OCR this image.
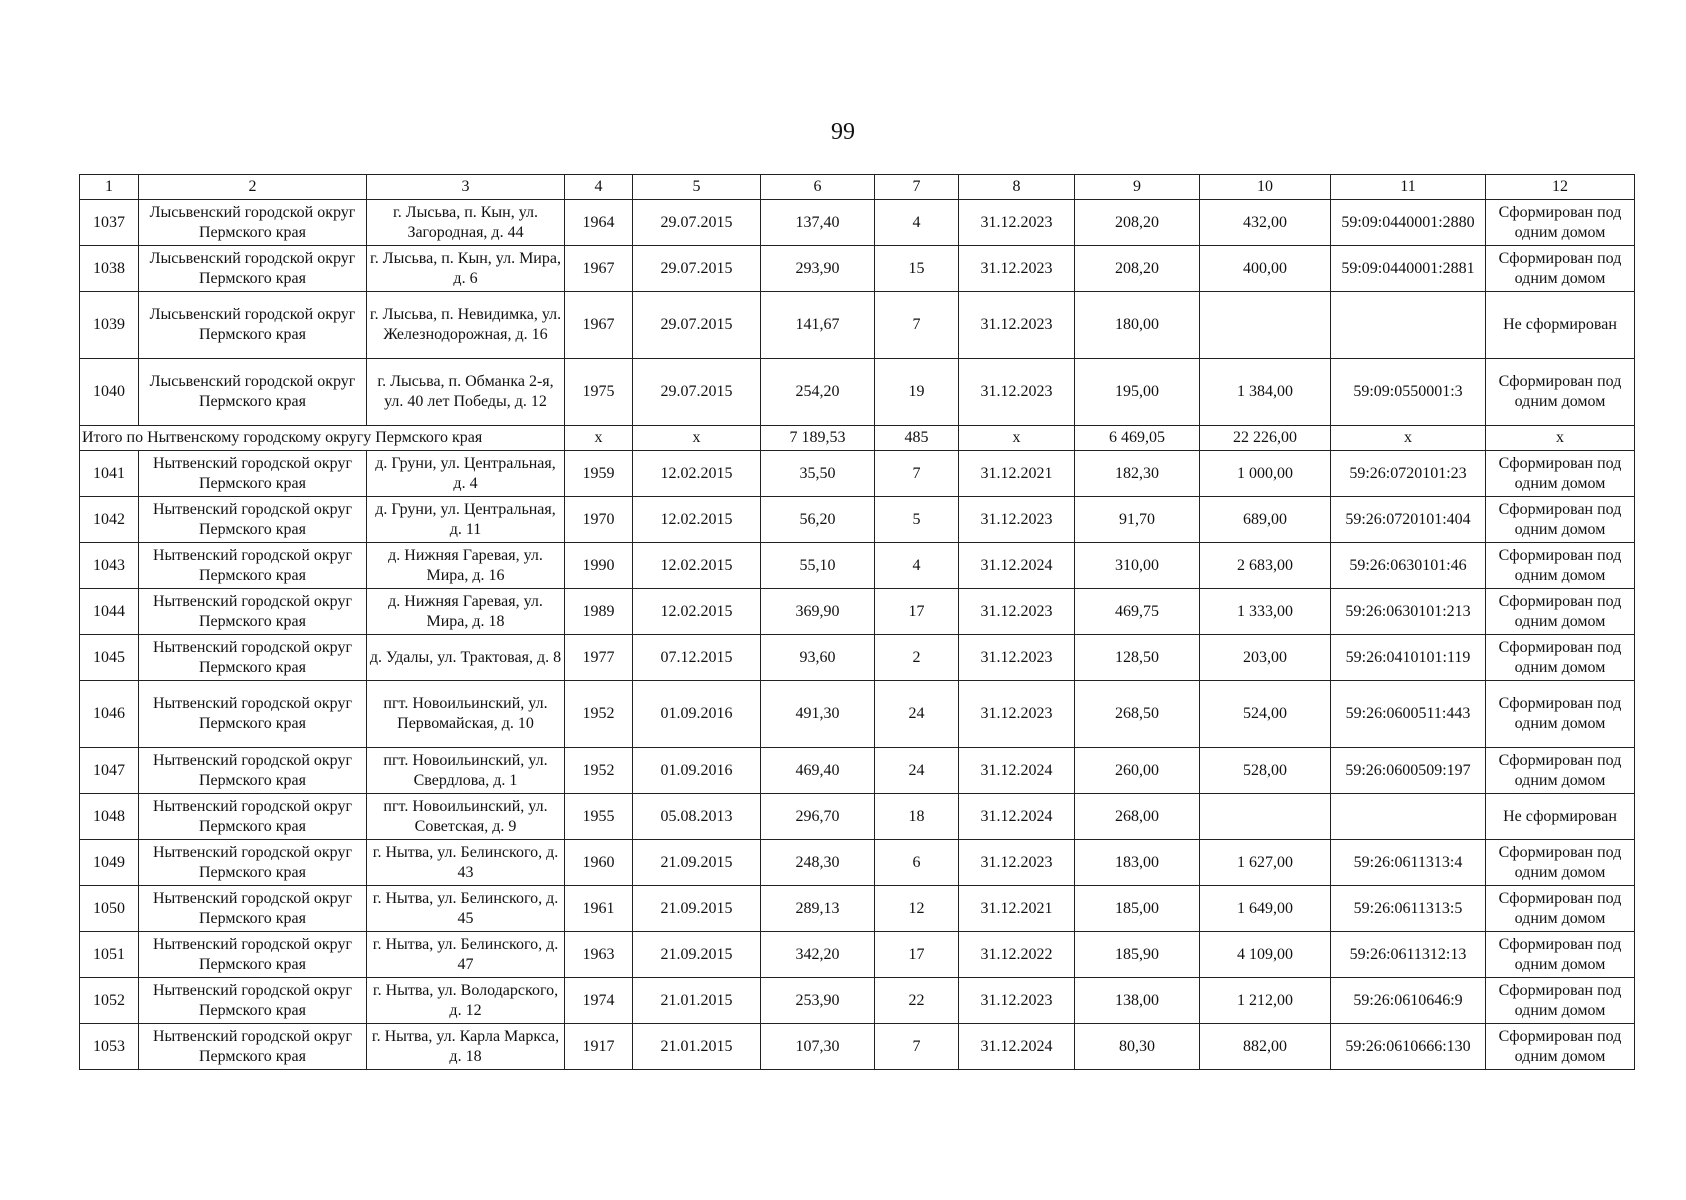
99
1	2	3	4	5	6	7	8	9	10	11	12
1037	Лысьвенский городской округ Пермского края	г. Лысьва, п. Кын, ул. Загородная, д. 44	1964	29.07.2015	137,40	4	31.12.2023	208,20	432,00	59:09:0440001:2880	Сформирован под одним домом
1038	Лысьвенский городской округ Пермского края	г. Лысьва, п. Кын, ул. Мира, д. 6	1967	29.07.2015	293,90	15	31.12.2023	208,20	400,00	59:09:0440001:2881	Сформирован под одним домом
1039	Лысьвенский городской округ Пермского края	г. Лысьва, п. Невидимка, ул. Железнодорожная, д. 16	1967	29.07.2015	141,67	7	31.12.2023	180,00			Не сформирован
1040	Лысьвенский городской округ Пермского края	г. Лысьва, п. Обманка 2-я, ул. 40 лет Победы, д. 12	1975	29.07.2015	254,20	19	31.12.2023	195,00	1 384,00	59:09:0550001:3	Сформирован под одним домом
Итого по Нытвенскому городскому округу Пермского края			x	x	7 189,53	485	x	6 469,05	22 226,00	x	x
1041	Нытвенский городской округ Пермского края	д. Груни, ул. Центральная, д. 4	1959	12.02.2015	35,50	7	31.12.2021	182,30	1 000,00	59:26:0720101:23	Сформирован под одним домом
1042	Нытвенский городской округ Пермского края	д. Груни, ул. Центральная, д. 11	1970	12.02.2015	56,20	5	31.12.2023	91,70	689,00	59:26:0720101:404	Сформирован под одним домом
1043	Нытвенский городской округ Пермского края	д. Нижняя Гаревая, ул. Мира, д. 16	1990	12.02.2015	55,10	4	31.12.2024	310,00	2 683,00	59:26:0630101:46	Сформирован под одним домом
1044	Нытвенский городской округ Пермского края	д. Нижняя Гаревая, ул. Мира, д. 18	1989	12.02.2015	369,90	17	31.12.2023	469,75	1 333,00	59:26:0630101:213	Сформирован под одним домом
1045	Нытвенский городской округ Пермского края	д. Удалы, ул. Трактовая, д. 8	1977	07.12.2015	93,60	2	31.12.2023	128,50	203,00	59:26:0410101:119	Сформирован под одним домом
1046	Нытвенский городской округ Пермского края	пгт. Новоильинский, ул. Первомайская, д. 10	1952	01.09.2016	491,30	24	31.12.2023	268,50	524,00	59:26:0600511:443	Сформирован под одним домом
1047	Нытвенский городской округ Пермского края	пгт. Новоильинский, ул. Свердлова, д. 1	1952	01.09.2016	469,40	24	31.12.2024	260,00	528,00	59:26:0600509:197	Сформирован под одним домом
1048	Нытвенский городской округ Пермского края	пгт. Новоильинский, ул. Советская, д. 9	1955	05.08.2013	296,70	18	31.12.2024	268,00			Не сформирован
1049	Нытвенский городской округ Пермского края	г. Нытва, ул. Белинского, д. 43	1960	21.09.2015	248,30	6	31.12.2023	183,00	1 627,00	59:26:0611313:4	Сформирован под одним домом
1050	Нытвенский городской округ Пермского края	г. Нытва, ул. Белинского, д. 45	1961	21.09.2015	289,13	12	31.12.2021	185,00	1 649,00	59:26:0611313:5	Сформирован под одним домом
1051	Нытвенский городской округ Пермского края	г. Нытва, ул. Белинского, д. 47	1963	21.09.2015	342,20	17	31.12.2022	185,90	4 109,00	59:26:0611312:13	Сформирован под одним домом
1052	Нытвенский городской округ Пермского края	г. Нытва, ул. Володарского, д. 12	1974	21.01.2015	253,90	22	31.12.2023	138,00	1 212,00	59:26:0610646:9	Сформирован под одним домом
1053	Нытвенский городской округ Пермского края	г. Нытва, ул. Карла Маркса, д. 18	1917	21.01.2015	107,30	7	31.12.2024	80,30	882,00	59:26:0610666:130	Сформирован под одним домом
